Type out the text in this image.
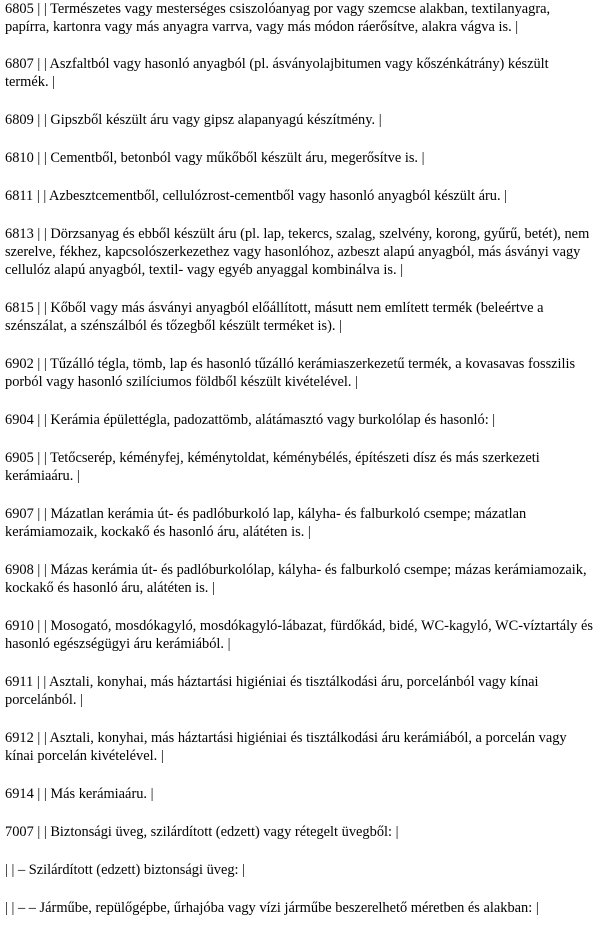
6805 | | Természetes vagy mesterséges csiszolóanyag por vagy szemcse alakban, textilanyagra, papírra, kartonra vagy más anyagra varrva, vagy más módon ráerősítve, alakra vágva is. |

6807 | | Aszfaltból vagy hasonló anyagból (pl. ásványolajbitumen vagy kőszénkátrány) készült termék. |

6809 | | Gipszből készült áru vagy gipsz alapanyagú készítmény. |

6810 | | Cementből, betonból vagy műkőből készült áru, megerősítve is. |

6811 | | Azbesztcementből, cellulózrost-cementből vagy hasonló anyagból készült áru. |

6813 | | Dörzsanyag és ebből készült áru (pl. lap, tekercs, szalag, szelvény, korong, gyűrű, betét), nem szerelve, fékhez, kapcsolószerkezethez vagy hasonlóhoz, azbeszt alapú anyagból, más ásványi vagy cellulóz alapú anyagból, textil- vagy egyéb anyaggal kombinálva is. |

6815 | | Kőből vagy más ásványi anyagból előállított, másutt nem említett termék (beleértve a szénszálat, a szénszálból és tőzegből készült terméket is). |

6902 | | Tűzálló tégla, tömb, lap és hasonló tűzálló kerámiaszerkezetű termék, a kovasavas fosszilis porból vagy hasonló szilíciumos földből készült kivételével. |

6904 | | Kerámia épülettégla, padozattömb, alátámasztó vagy burkolólap és hasonló: |

6905 | | Tetőcserép, kéményfej, kéménytoldat, kéménybélés, építészeti dísz és más szerkezeti kerámiaáru. |

6907 | | Mázatlan kerámia út- és padlóburkoló lap, kályha- és falburkoló csempe; mázatlan kerámiamozaik, kockakő és hasonló áru, alátéten is. |

6908 | | Mázas kerámia út- és padlóburkolólap, kályha- és falburkoló csempe; mázas kerámiamozaik, kockakő és hasonló áru, alátéten is. |

6910 | | Mosogató, mosdókagyló, mosdókagyló-lábazat, fürdőkád, bidé, WC-kagyló, WC-víztartály és hasonló egészségügyi áru kerámiából. |

6911 | | Asztali, konyhai, más háztartási higiéniai és tisztálkodási áru, porcelánból vagy kínai porcelánból. |

6912 | | Asztali, konyhai, más háztartási higiéniai és tisztálkodási áru kerámiából, a porcelán vagy kínai porcelán kivételével. |

6914 | | Más kerámiaáru. |

7007 | | Biztonsági üveg, szilárdított (edzett) vagy rétegelt üvegből: |

| | – Szilárdított (edzett) biztonsági üveg: |

| | – – Járműbe, repülőgépbe, űrhajóba vagy vízi járműbe beszerelhető méretben és alakban: |
